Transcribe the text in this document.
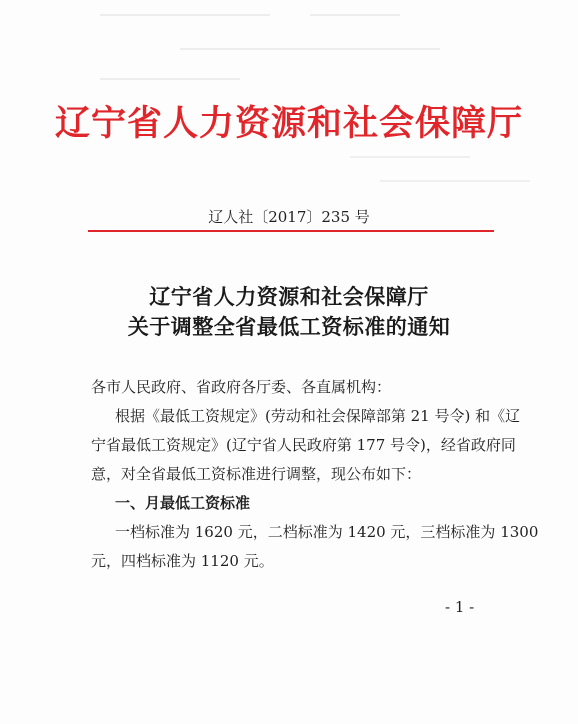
辽宁省人力资源和社会保障厅
辽人社〔2017〕235 号
辽宁省人力资源和社会保障厅
关于调整全省最低工资标准的通知
各市人民政府、省政府各厅委、各直属机构：
根据《最低工资规定》(劳动和社会保障部第 21 号令) 和《辽
宁省最低工资规定》(辽宁省人民政府第 177 号令)，经省政府同
意，对全省最低工资标准进行调整，现公布如下：
一、月最低工资标准
一档标准为 1620 元，二档标准为 1420 元，三档标准为 1300
元，四档标准为 1120 元。
- 1 -
